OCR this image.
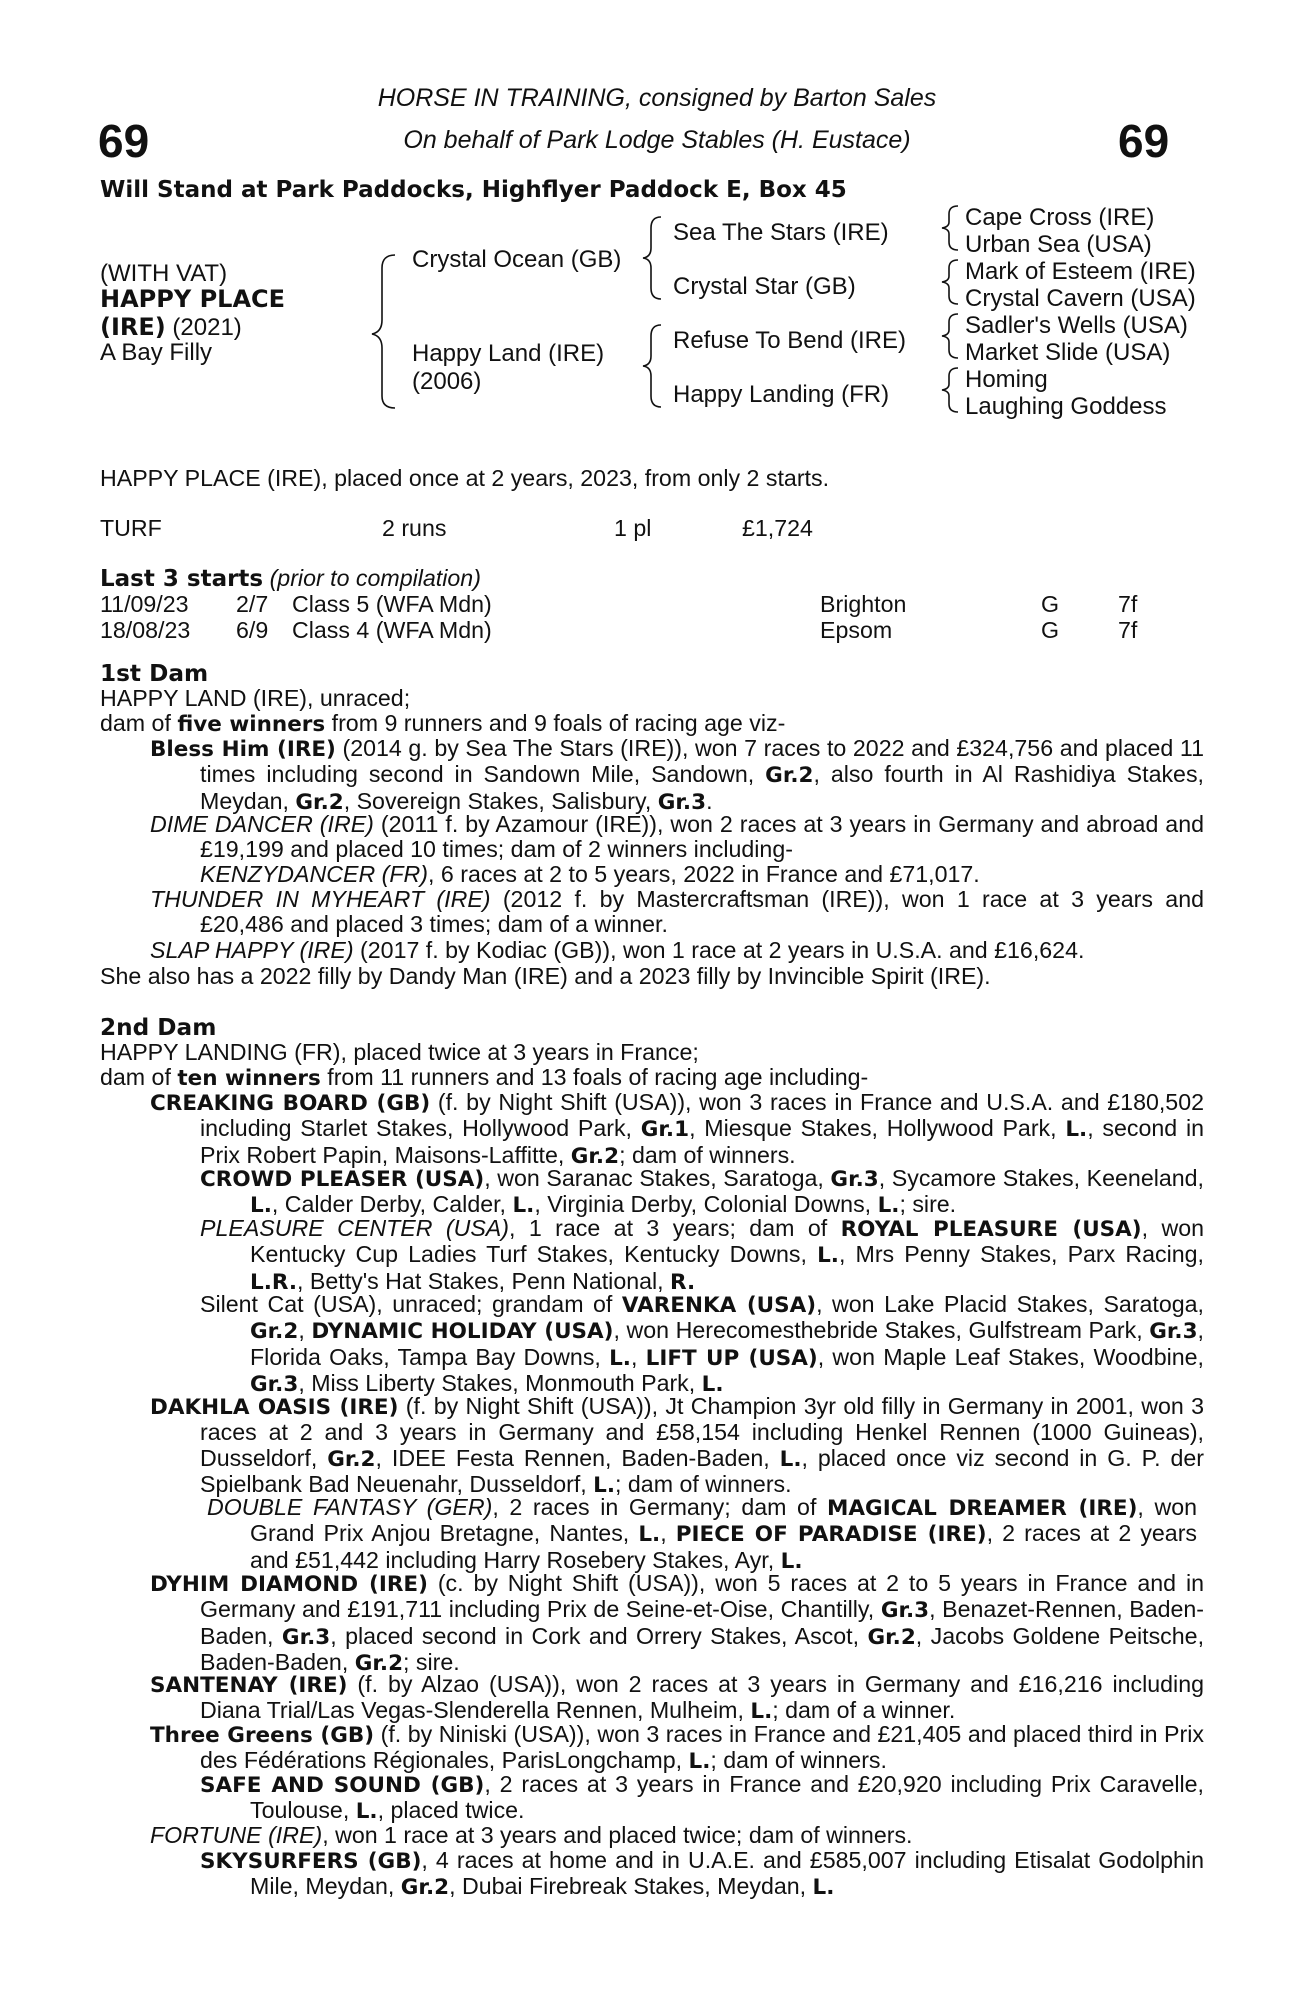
69	69
HORSE IN TRAINING, consigned by Barton Sales
On behalf of Park Lodge Stables (H. Eustace)
Will Stand at Park Paddocks, Highflyer Paddock E, Box 45
(WITH VAT)
HAPPY PLACE
(IRE) (2021)
A Bay Filly
Crystal Ocean (GB)
Happy Land (IRE)
(2006)
Sea The Stars (IRE)
Crystal Star (GB)
Refuse To Bend (IRE)
Happy Landing (FR)
Cape Cross (IRE)
Urban Sea (USA)
Mark of Esteem (IRE)
Crystal Cavern (USA)
Sadler's Wells (USA)
Market Slide (USA)
Homing
Laughing Goddess
HAPPY PLACE (IRE), placed once at 2 years, 2023, from only 2 starts.
TURF	2 runs	1 pl	£1,724
Last 3 starts (prior to compilation)
11/09/23 2/7 Class 5 (WFA Mdn)	Brighton	G	7f
18/08/23 6/9 Class 4 (WFA Mdn)	Epsom	G	7f
1st Dam
HAPPY LAND (IRE), unraced;
dam of five winners from 9 runners and 9 foals of racing age viz-
Bless Him (IRE) (2014 g. by Sea The Stars (IRE)), won 7 races to 2022 and £324,756 and placed 11 times including second in Sandown Mile, Sandown, Gr.2, also fourth in Al Rashidiya Stakes, Meydan, Gr.2, Sovereign Stakes, Salisbury, Gr.3.
DIME DANCER (IRE) (2011 f. by Azamour (IRE)), won 2 races at 3 years in Germany and abroad and £19,199 and placed 10 times; dam of 2 winners including-
KENZYDANCER (FR), 6 races at 2 to 5 years, 2022 in France and £71,017.
THUNDER IN MYHEART (IRE) (2012 f. by Mastercraftsman (IRE)), won 1 race at 3 years and £20,486 and placed 3 times; dam of a winner.
SLAP HAPPY (IRE) (2017 f. by Kodiac (GB)), won 1 race at 2 years in U.S.A. and £16,624.
She also has a 2022 filly by Dandy Man (IRE) and a 2023 filly by Invincible Spirit (IRE).
2nd Dam
HAPPY LANDING (FR), placed twice at 3 years in France;
dam of ten winners from 11 runners and 13 foals of racing age including-
CREAKING BOARD (GB) (f. by Night Shift (USA)), won 3 races in France and U.S.A. and £180,502 including Starlet Stakes, Hollywood Park, Gr.1, Miesque Stakes, Hollywood Park, L., second in Prix Robert Papin, Maisons-Laffitte, Gr.2; dam of winners.
CROWD PLEASER (USA), won Saranac Stakes, Saratoga, Gr.3, Sycamore Stakes, Keeneland, L., Calder Derby, Calder, L., Virginia Derby, Colonial Downs, L.; sire.
PLEASURE CENTER (USA), 1 race at 3 years; dam of ROYAL PLEASURE (USA), won Kentucky Cup Ladies Turf Stakes, Kentucky Downs, L., Mrs Penny Stakes, Parx Racing, L.R., Betty's Hat Stakes, Penn National, R.
Silent Cat (USA), unraced; grandam of VARENKA (USA), won Lake Placid Stakes, Saratoga, Gr.2, DYNAMIC HOLIDAY (USA), won Herecomesthebride Stakes, Gulfstream Park, Gr.3, Florida Oaks, Tampa Bay Downs, L., LIFT UP (USA), won Maple Leaf Stakes, Woodbine, Gr.3, Miss Liberty Stakes, Monmouth Park, L.
DAKHLA OASIS (IRE) (f. by Night Shift (USA)), Jt Champion 3yr old filly in Germany in 2001, won 3 races at 2 and 3 years in Germany and £58,154 including Henkel Rennen (1000 Guineas), Dusseldorf, Gr.2, IDEE Festa Rennen, Baden-Baden, L., placed once viz second in G. P. der Spielbank Bad Neuenahr, Dusseldorf, L.; dam of winners.
DOUBLE FANTASY (GER), 2 races in Germany; dam of MAGICAL DREAMER (IRE), won Grand Prix Anjou Bretagne, Nantes, L., PIECE OF PARADISE (IRE), 2 races at 2 years and £51,442 including Harry Rosebery Stakes, Ayr, L.
DYHIM DIAMOND (IRE) (c. by Night Shift (USA)), won 5 races at 2 to 5 years in France and in Germany and £191,711 including Prix de Seine-et-Oise, Chantilly, Gr.3, Benazet-Rennen, Baden-Baden, Gr.3, placed second in Cork and Orrery Stakes, Ascot, Gr.2, Jacobs Goldene Peitsche, Baden-Baden, Gr.2; sire.
SANTENAY (IRE) (f. by Alzao (USA)), won 2 races at 3 years in Germany and £16,216 including Diana Trial/Las Vegas-Slenderella Rennen, Mulheim, L.; dam of a winner.
Three Greens (GB) (f. by Niniski (USA)), won 3 races in France and £21,405 and placed third in Prix des Fédérations Régionales, ParisLongchamp, L.; dam of winners.
SAFE AND SOUND (GB), 2 races at 3 years in France and £20,920 including Prix Caravelle, Toulouse, L., placed twice.
FORTUNE (IRE), won 1 race at 3 years and placed twice; dam of winners.
SKYSURFERS (GB), 4 races at home and in U.A.E. and £585,007 including Etisalat Godolphin Mile, Meydan, Gr.2, Dubai Firebreak Stakes, Meydan, L.
